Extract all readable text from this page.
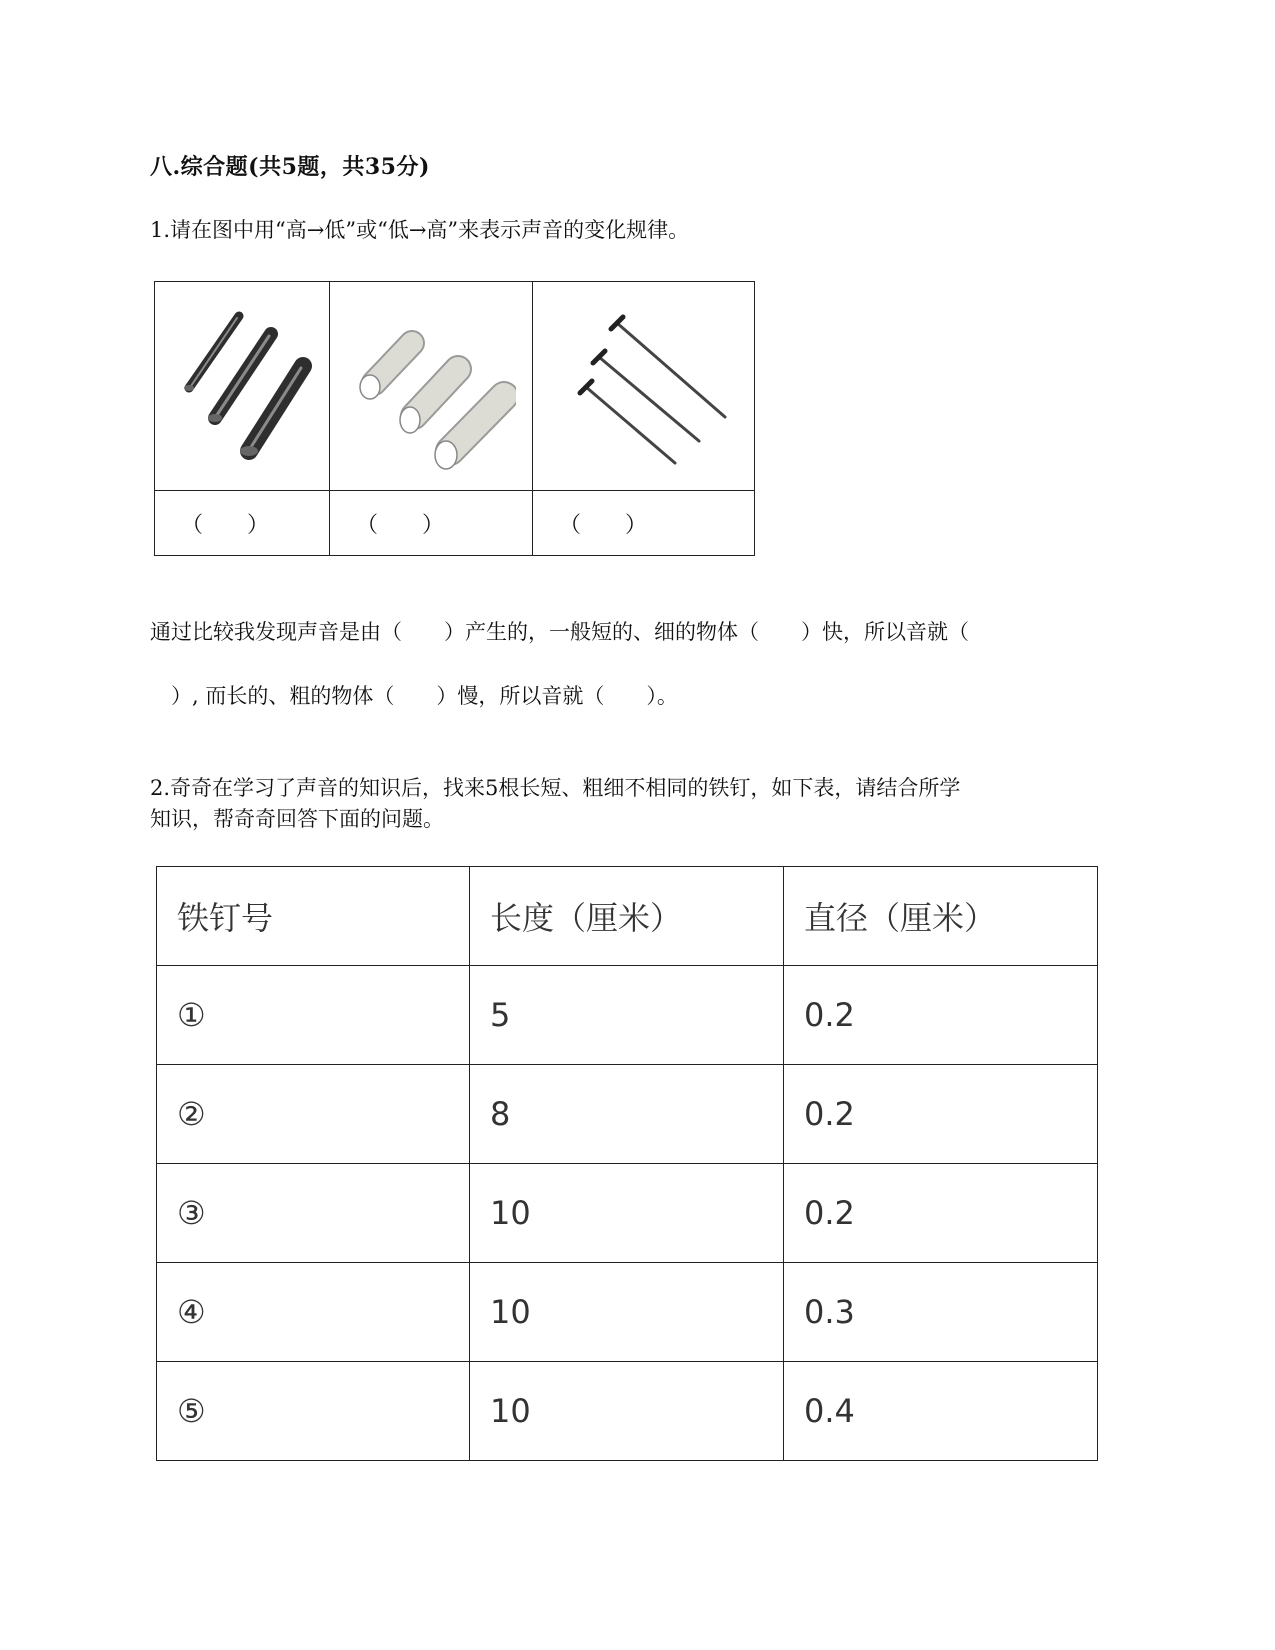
八.综合题(共5题，共35分)
1.请在图中用“高→低”或“低→高”来表示声音的变化规律。

（　　）	（　　）	（　　）
通过比较我发现声音是由（　　）产生的，一般短的、细的物体（　　）快，所以音就（
　）, 而长的、粗的物体（　　）慢，所以音就（　　）。
2.奇奇在学习了声音的知识后，找来5根长短、粗细不相同的铁钉，如下表，请结合所学
知识，帮奇奇回答下面的问题。
铁钉号	长度（厘米）	直径（厘米）
①	5	0.2
②	8	0.2
③	10	0.2
④	10	0.3
⑤	10	0.4
